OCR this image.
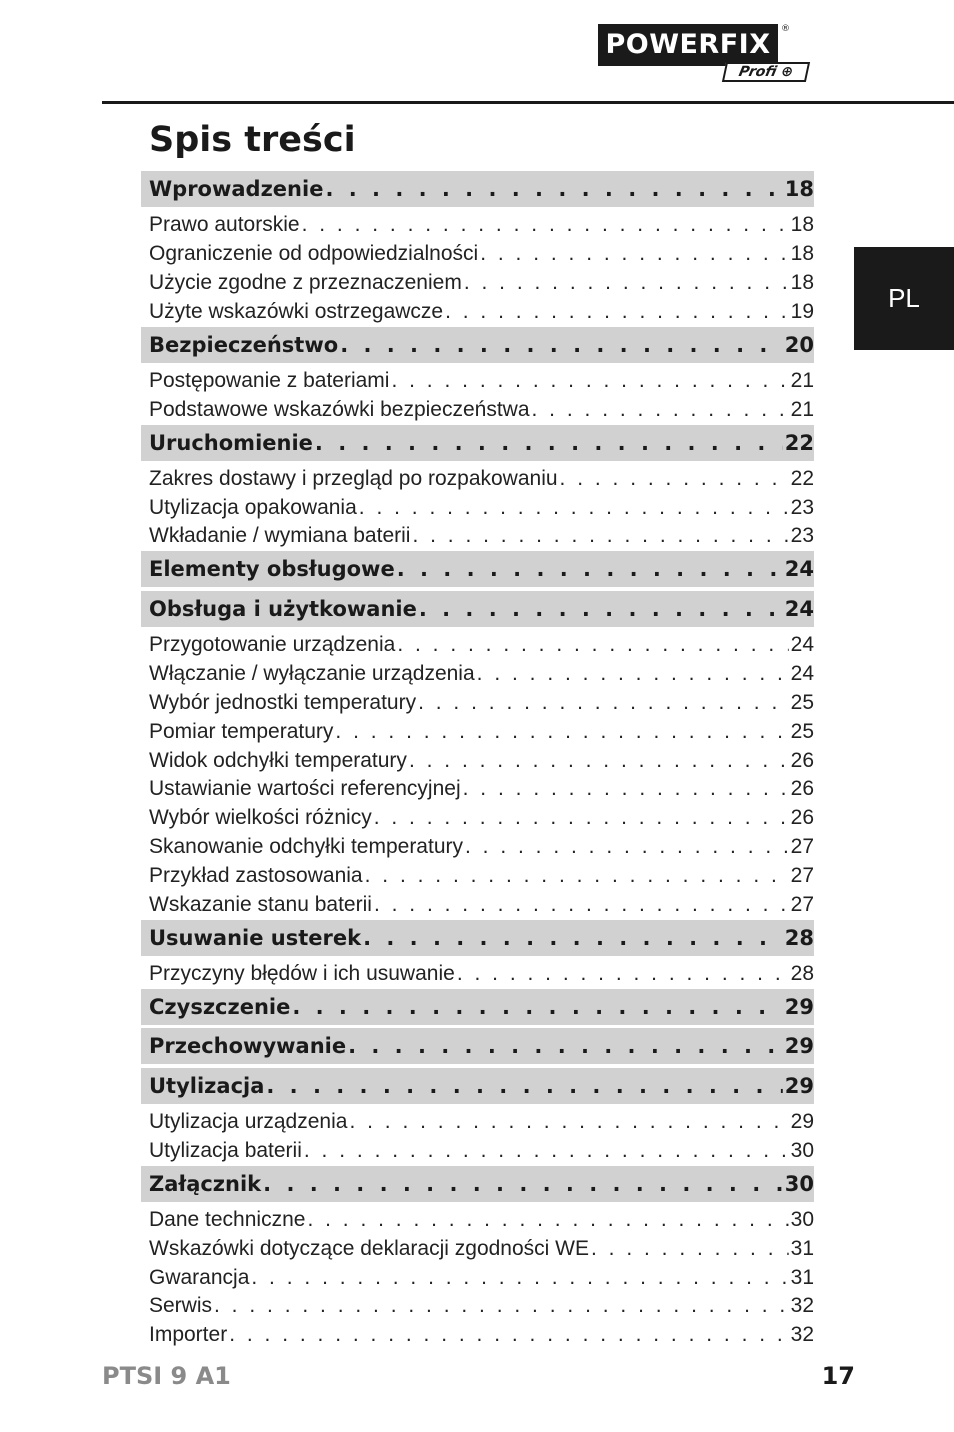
POWERFIX	®
Profi ⊕
PL
Spis treści
Wprowadzenie . . .	18
Prawo autorskie . . .	18
Ograniczenie od odpowiedzialności . . .	18
Użycie zgodne z przeznaczeniem . . .	18
Użyte wskazówki ostrzegawcze . . .	19
Bezpieczeństwo . . .	20
Postępowanie z bateriami . . .	21
Podstawowe wskazówki bezpieczeństwa . . .	21
Uruchomienie . . .	22
Zakres dostawy i przegląd po rozpakowaniu . . .	22
Utylizacja opakowania . . .	23
Wkładanie / wymiana baterii . . .	23
Elementy obsługowe . . .	24
Obsługa i użytkowanie . . .	24
Przygotowanie urządzenia . . .	24
Włączanie / wyłączanie urządzenia . . .	24
Wybór jednostki temperatury . . .	25
Pomiar temperatury . . .	25
Widok odchyłki temperatury . . .	26
Ustawianie wartości referencyjnej . . .	26
Wybór wielkości różnicy . . .	26
Skanowanie odchyłki temperatury . . .	27
Przykład zastosowania . . .	27
Wskazanie stanu baterii . . .	27
Usuwanie usterek . . .	28
Przyczyny błędów i ich usuwanie . . .	28
Czyszczenie . . .	29
Przechowywanie . . .	29
Utylizacja . . .	29
Utylizacja urządzenia . . .	29
Utylizacja baterii . . .	30
Załącznik . . .	30
Dane techniczne . . .	30
Wskazówki dotyczące deklaracji zgodności WE . . .	31
Gwarancja . . .	31
Serwis . . .	32
Importer . . .	32
PTSI 9 A1	17
